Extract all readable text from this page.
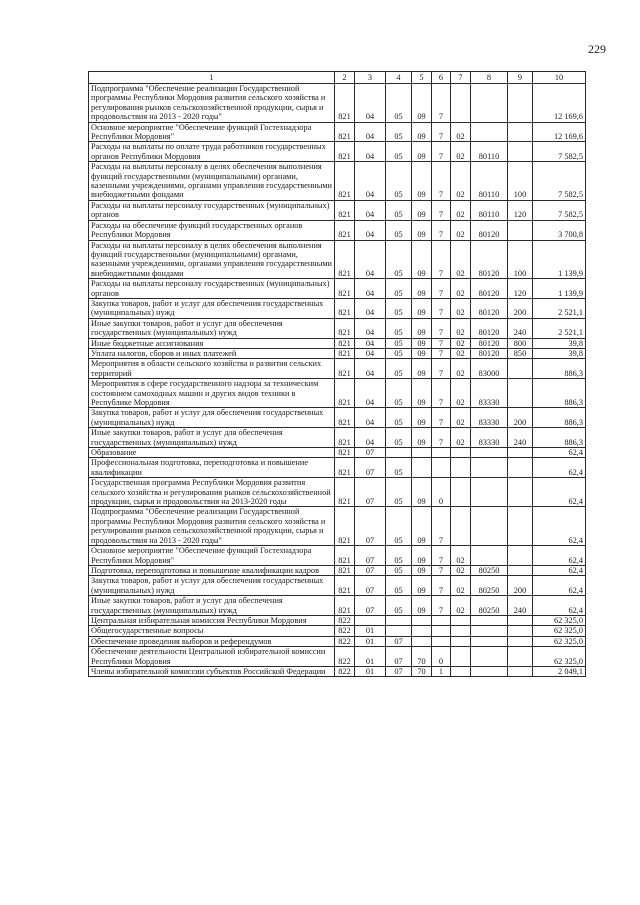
229
1	2	3	4	5	6	7	8	9	10
Подпрограмма "Обеспечение реализации Государственной программы Республики Мордовия развития сельского хозяйства и регулирования рынков сельскохозяйственной продукции, сырья и продовольствия на 2013 - 2020 годы"	821	04	05	09	7				12 169,6
Основное мероприятие "Обеспечение функций Гостехнадзора Республики Мордовия"	821	04	05	09	7	02			12 169,6
Расходы на выплаты по оплате труда работников государственных органов Республики Мордовия	821	04	05	09	7	02	80110		7 582,5
Расходы на выплаты персоналу в целях обеспечения выполнения функций государственными (муниципальными) органами, казенными учреждениями, органами управления государственными внебюджетными фондами	821	04	05	09	7	02	80110	100	7 582,5
Расходы на выплаты персоналу государственных (муниципальных) органов	821	04	05	09	7	02	80110	120	7 582,5
Расходы на обеспечение функций государственных органов Республики Мордовия	821	04	05	09	7	02	80120		3 700,8
Расходы на выплаты персоналу в целях обеспечения выполнения функций государственными (муниципальными) органами, казенными учреждениями, органами управления государственными внебюджетными фондами	821	04	05	09	7	02	80120	100	1 139,9
Расходы на выплаты персоналу государственных (муниципальных) органов	821	04	05	09	7	02	80120	120	1 139,9
Закупка товаров, работ и услуг для обеспечения государственных (муниципальных) нужд	821	04	05	09	7	02	80120	200	2 521,1
Иные закупки товаров, работ и услуг для обеспечения государственных (муниципальных) нужд	821	04	05	09	7	02	80120	240	2 521,1
Иные бюджетные ассигнования	821	04	05	09	7	02	80120	800	39,8
Уплата налогов, сборов и иных платежей	821	04	05	09	7	02	80120	850	39,8
Мероприятия в области сельского хозяйства и развития сельских территорий	821	04	05	09	7	02	83000		886,3
Мероприятия в сфере государственного надзора за техническим состоянием самоходных машин и других видов техники в Республике Мордовия	821	04	05	09	7	02	83330		886,3
Закупка товаров, работ и услуг для обеспечения государственных (муниципальных) нужд	821	04	05	09	7	02	83330	200	886,3
Иные закупки товаров, работ и услуг для обеспечения государственных (муниципальных) нужд	821	04	05	09	7	02	83330	240	886,3
Образование	821	07							62,4
Профессиональная подготовка, переподготовка и повышение квалификации	821	07	05						62,4
Государственная программа Республики Мордовия развития сельского хозяйства и регулирования рынков сельскохозяйственной продукции, сырья и продовольствия на 2013-2020 годы	821	07	05	09	0				62,4
Подпрограмма "Обеспечение реализации Государственной программы Республики Мордовия развития сельского хозяйства и регулирования рынков сельскохозяйственной продукции, сырья и продовольствия на 2013 - 2020 годы"	821	07	05	09	7				62,4
Основное мероприятие "Обеспечение функций Гостехнадзора Республики Мордовия"	821	07	05	09	7	02			62,4
Подготовка, переподготовка и повышение квалификации кадров	821	07	05	09	7	02	80250		62,4
Закупка товаров, работ и услуг для обеспечения государственных (муниципальных) нужд	821	07	05	09	7	02	80250	200	62,4
Иные закупки товаров, работ и услуг для обеспечения государственных (муниципальных) нужд	821	07	05	09	7	02	80250	240	62,4
Центральная избирательная комиссия Республики Мордовия	822								62 325,0
Общегосударственные вопросы	822	01							62 325,0
Обеспечение проведения выборов и референдумов	822	01	07						62 325,0
Обеспечение деятельности Центральной избирательной комиссии Республики Мордовия	822	01	07	70	0				62 325,0
Члены избирательной комиссии субъектов Российской Федерации	822	01	07	70	1				2 049,1
